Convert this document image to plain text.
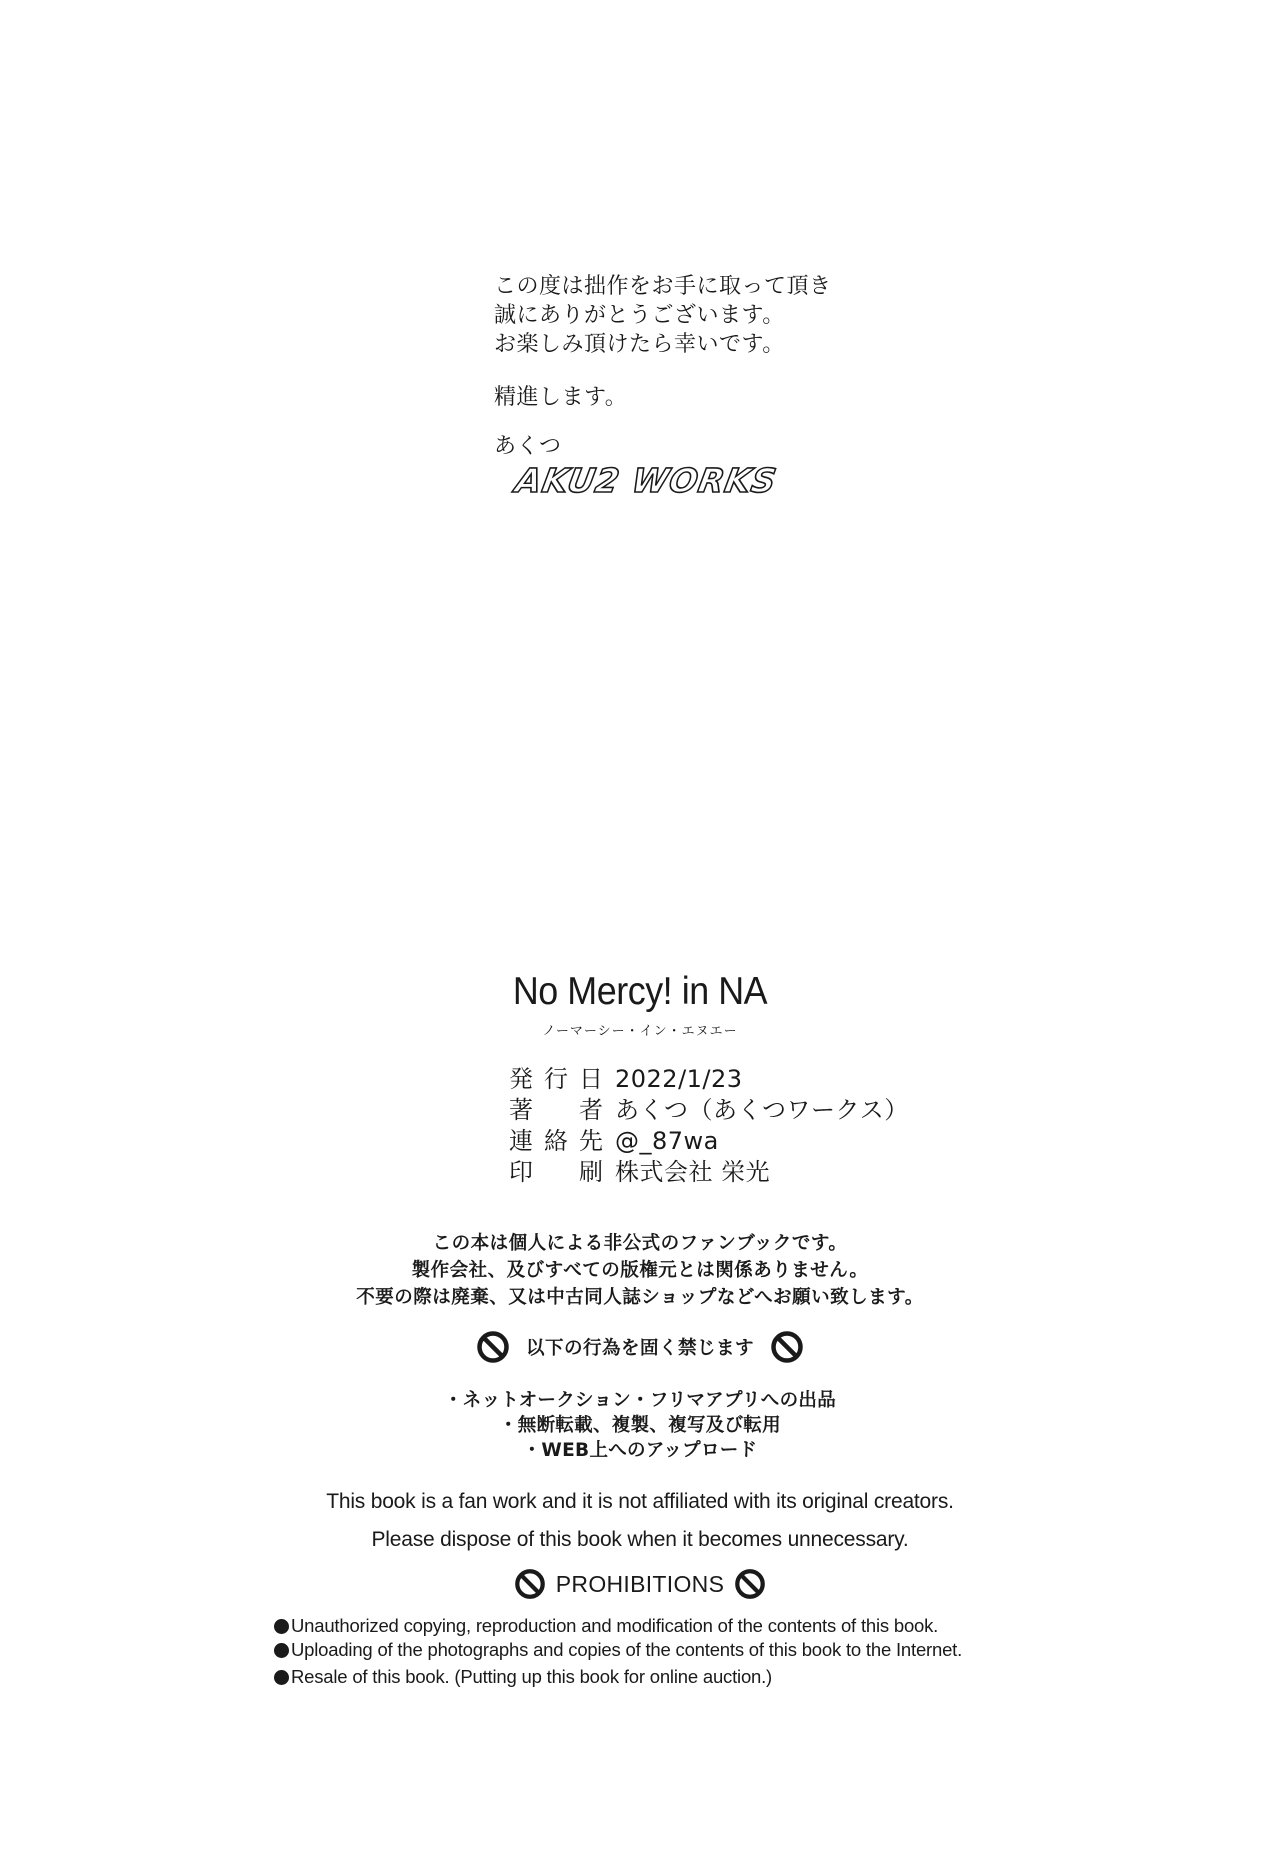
この度は拙作をお手に取って頂き
誠にありがとうございます。
お楽しみ頂けたら幸いです。
精進します。
あくつ
AKU2 WORKS
No Mercy! in NA
ノーマーシー・イン・エヌエー
発行日 2022/1/23
著者 あくつ（あくつワークス）
連絡先 @_87wa
印刷 株式会社 栄光
この本は個人による非公式のファンブックです。
製作会社、及びすべての版権元とは関係ありません。
不要の際は廃棄、又は中古同人誌ショップなどへお願い致します。
以下の行為を固く禁じます
・ネットオークション・フリマアプリへの出品
・無断転載、複製、複写及び転用
・WEB上へのアップロード
This book is a fan work and it is not affiliated with its original creators.
Please dispose of this book when it becomes unnecessary.
PROHIBITIONS
Unauthorized copying, reproduction and modification of the contents of this book.
Uploading of the photographs and copies of the contents of this book to the Internet.
Resale of this book. (Putting up this book for online auction.)
